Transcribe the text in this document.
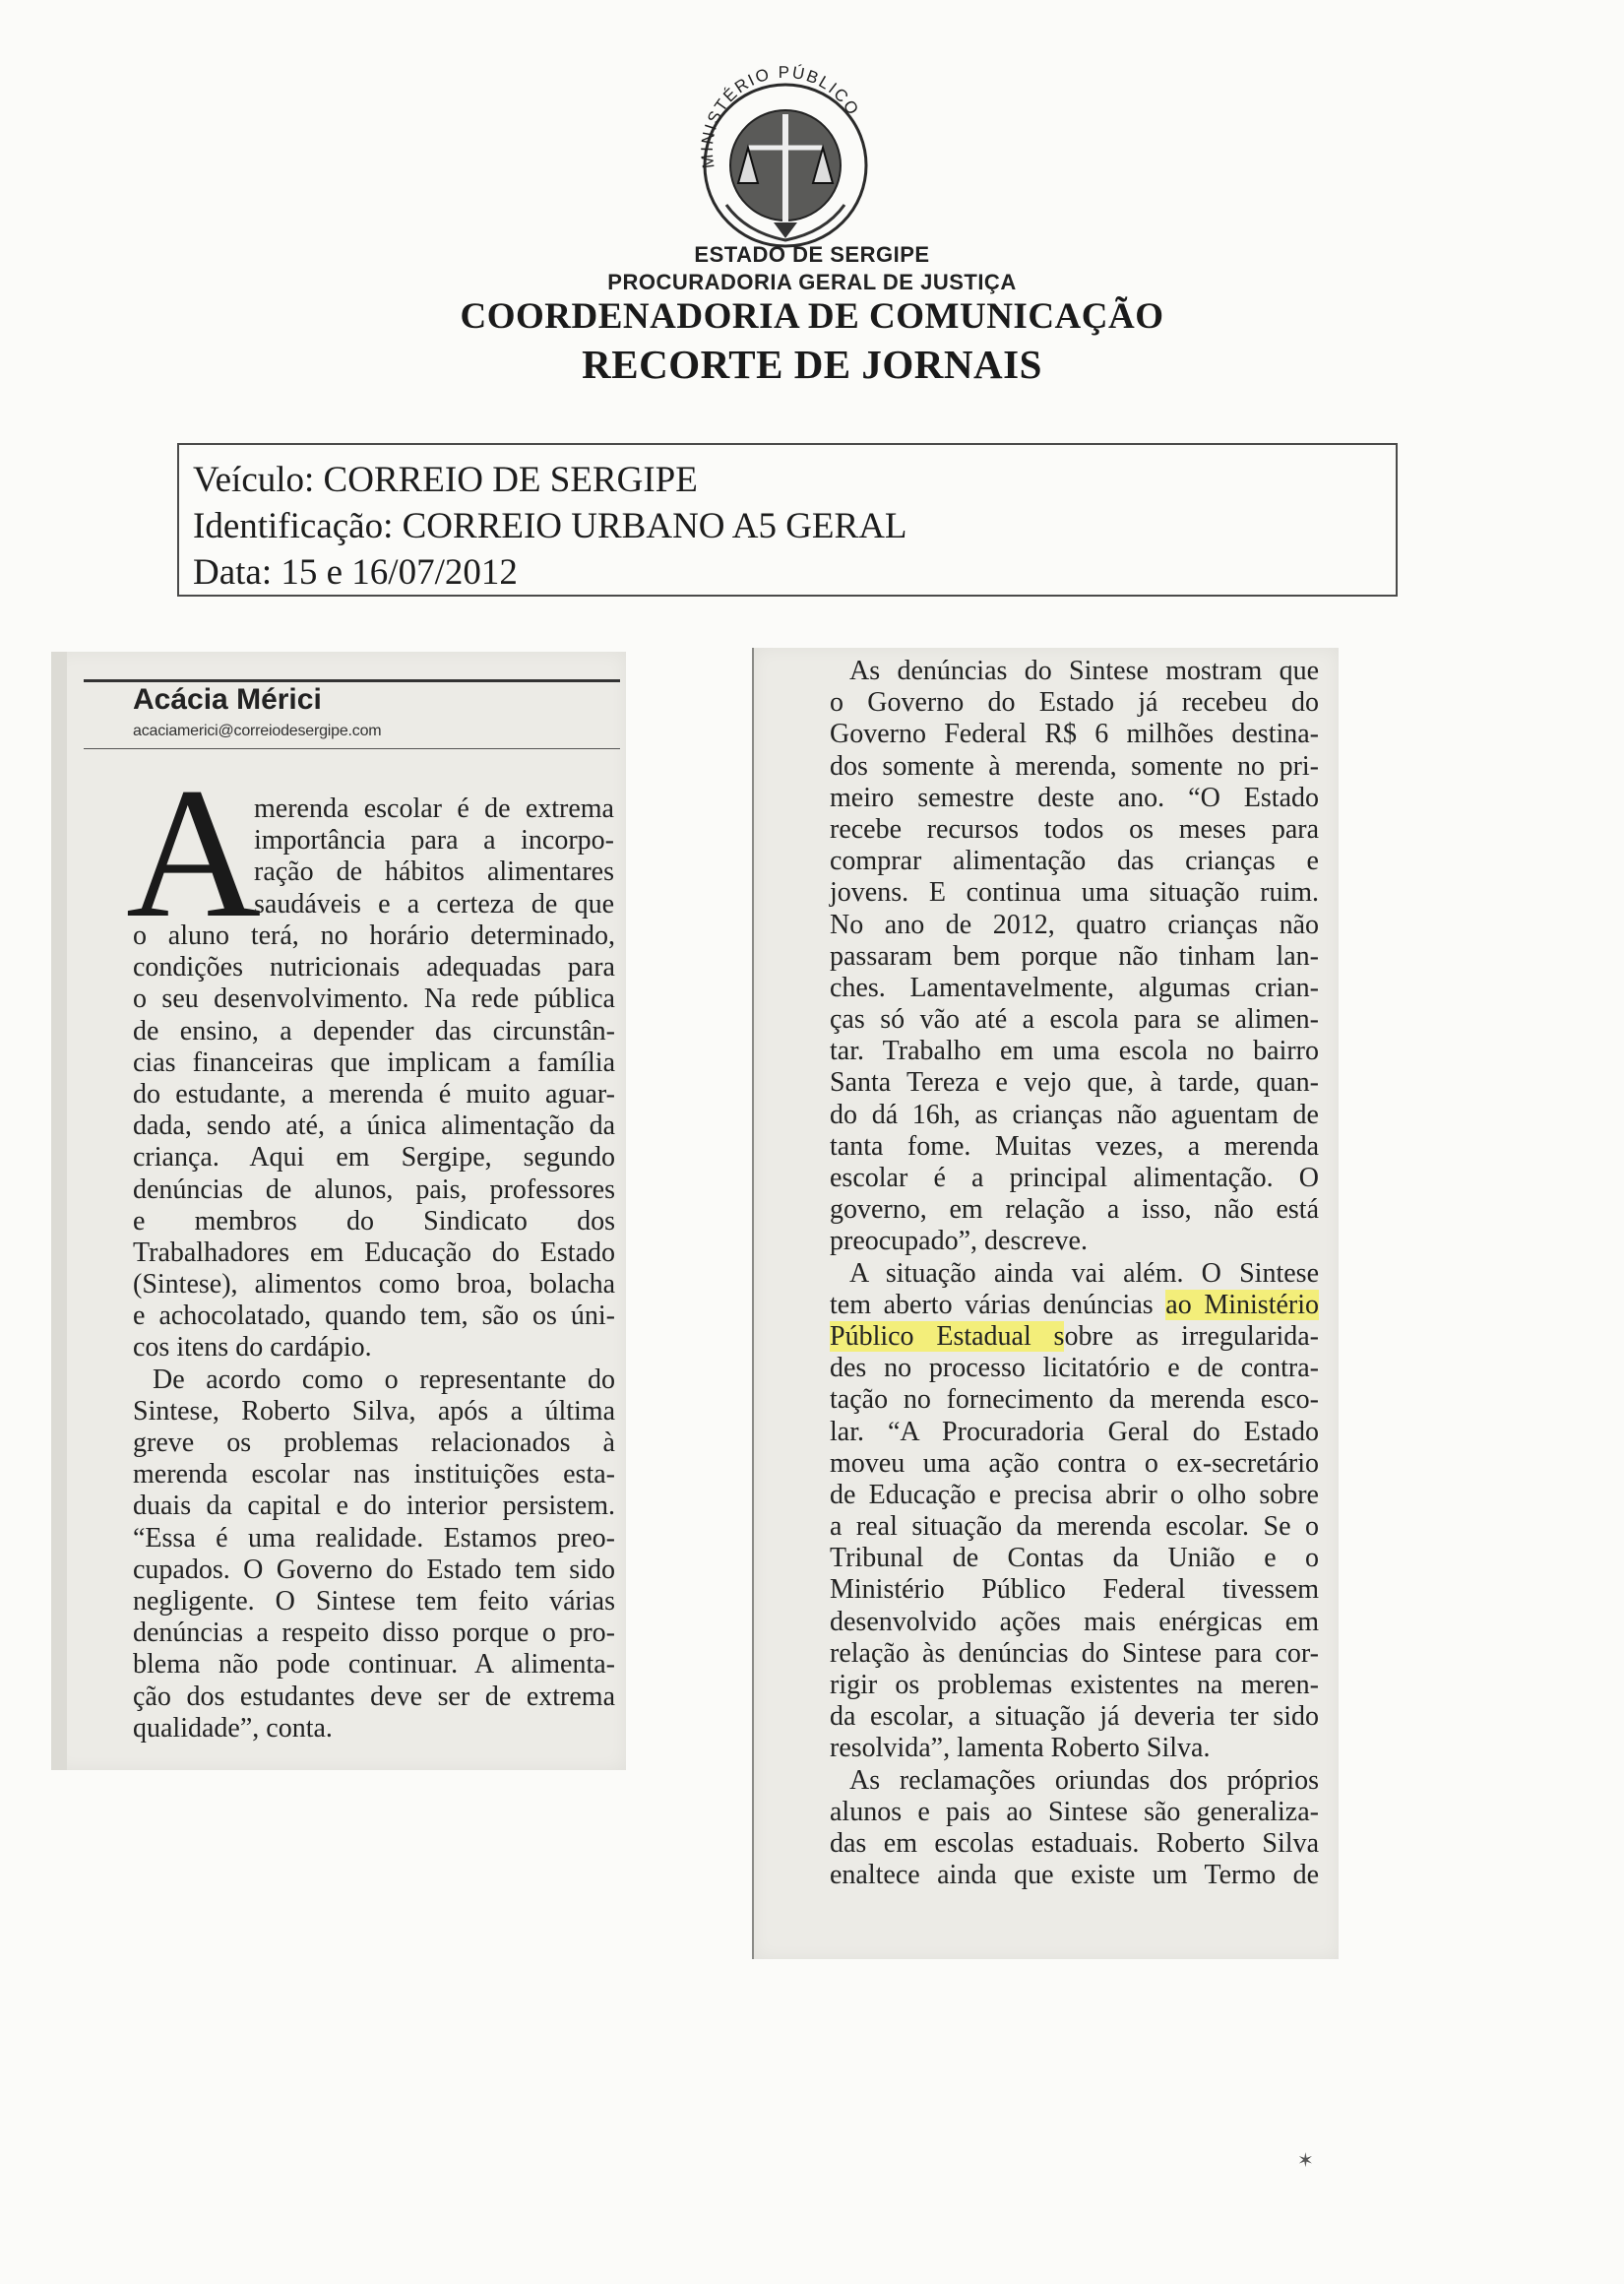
MINISTÉRIO PÚBLICO
ESTADO DE SERGIPE
PROCURADORIA GERAL DE JUSTIÇA
COORDENADORIA DE COMUNICAÇÃO
RECORTE DE JORNAIS
Veículo: CORREIO DE SERGIPE
Identificação: CORREIO URBANO A5 GERAL
Data: 15 e 16/07/2012
Acácia Mérici
acaciamerici@correiodesergipe.com
A
merenda escolar é de extrema
importância para a incorpo-
ração de hábitos alimentares
saudáveis e a certeza de que
o aluno terá, no horário determinado,
condições nutricionais adequadas para
o seu desenvolvimento. Na rede pública
de ensino, a depender das circunstân-
cias financeiras que implicam a família
do estudante, a merenda é muito aguar-
dada, sendo até, a única alimentação da
criança. Aqui em Sergipe, segundo
denúncias de alunos, pais, professores
e membros do Sindicato dos
Trabalhadores em Educação do Estado
(Sintese), alimentos como broa, bolacha
e achocolatado, quando tem, são os úni-
cos itens do cardápio.
De acordo como o representante do
Sintese, Roberto Silva, após a última
greve os problemas relacionados à
merenda escolar nas instituições esta-
duais da capital e do interior persistem.
“Essa é uma realidade. Estamos preo-
cupados. O Governo do Estado tem sido
negligente. O Sintese tem feito várias
denúncias a respeito disso porque o pro-
blema não pode continuar. A alimenta-
ção dos estudantes deve ser de extrema
qualidade”, conta.
As denúncias do Sintese mostram que
o Governo do Estado já recebeu do
Governo Federal R$ 6 milhões destina-
dos somente à merenda, somente no pri-
meiro semestre deste ano. “O Estado
recebe recursos todos os meses para
comprar alimentação das crianças e
jovens. E continua uma situação ruim.
No ano de 2012, quatro crianças não
passaram bem porque não tinham lan-
ches. Lamentavelmente, algumas crian-
ças só vão até a escola para se alimen-
tar. Trabalho em uma escola no bairro
Santa Tereza e vejo que, à tarde, quan-
do dá 16h, as crianças não aguentam de
tanta fome. Muitas vezes, a merenda
escolar é a principal alimentação. O
governo, em relação a isso, não está
preocupado”, descreve.
A situação ainda vai além. O Sintese
tem aberto várias denúncias ao Ministério
Público Estadual sobre as irregularida-
des no processo licitatório e de contra-
tação no fornecimento da merenda esco-
lar. “A Procuradoria Geral do Estado
moveu uma ação contra o ex-secretário
de Educação e precisa abrir o olho sobre
a real situação da merenda escolar. Se o
Tribunal de Contas da União e o
Ministério Público Federal tivessem
desenvolvido ações mais enérgicas em
relação às denúncias do Sintese para cor-
rigir os problemas existentes na meren-
da escolar, a situação já deveria ter sido
resolvida”, lamenta Roberto Silva.
As reclamações oriundas dos próprios
alunos e pais ao Sintese são generaliza-
das em escolas estaduais. Roberto Silva
enaltece ainda que existe um Termo de
✶
